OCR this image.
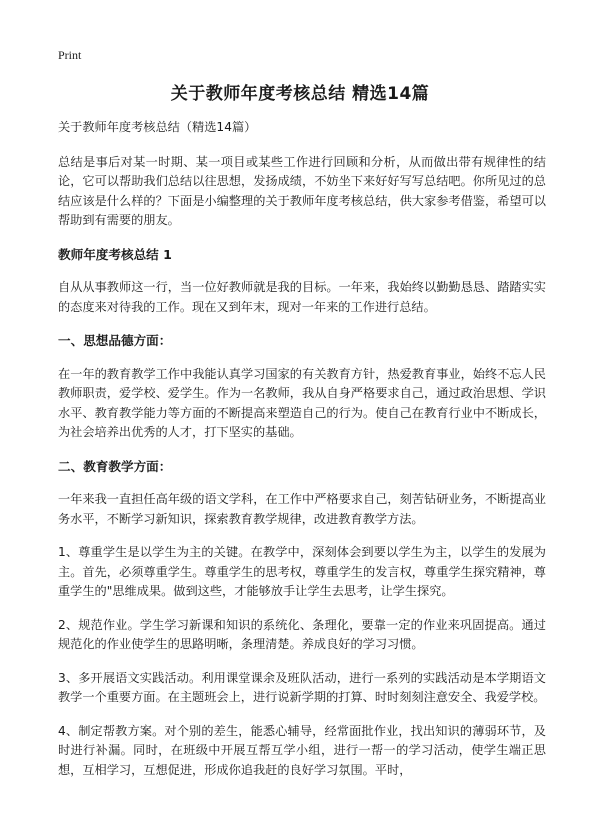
Print
关于教师年度考核总结 精选14篇

关于教师年度考核总结（精选14篇）

总结是事后对某一时期、某一项目或某些工作进行回顾和分析，从而做出带有规律性的结论，它可以帮助我们总结以往思想，发扬成绩，不妨坐下来好好写写总结吧。你所见过的总结应该是什么样的？下面是小编整理的关于教师年度考核总结，供大家参考借鉴，希望可以帮助到有需要的朋友。

教师年度考核总结 1

自从从事教师这一行，当一位好教师就是我的目标。一年来，我始终以勤勤恳恳、踏踏实实的态度来对待我的工作。现在又到年末，现对一年来的工作进行总结。

一、思想品德方面：

在一年的教育教学工作中我能认真学习国家的有关教育方针，热爱教育事业，始终不忘人民教师职责，爱学校、爱学生。作为一名教师，我从自身严格要求自己，通过政治思想、学识水平、教育教学能力等方面的不断提高来塑造自己的行为。使自己在教育行业中不断成长，为社会培养出优秀的人才，打下坚实的基础。

二、教育教学方面：

一年来我一直担任高年级的语文学科，在工作中严格要求自己，刻苦钻研业务，不断提高业务水平，不断学习新知识，探索教育教学规律，改进教育教学方法。

1、尊重学生是以学生为主的关键。在教学中，深刻体会到要以学生为主，以学生的发展为主。首先，必须尊重学生。尊重学生的思考权，尊重学生的发言权，尊重学生探究精神，尊重学生的"思维成果。做到这些，才能够放手让学生去思考，让学生探究。

2、规范作业。学生学习新课和知识的系统化、条理化，要靠一定的作业来巩固提高。通过规范化的作业使学生的思路明晰，条理清楚。养成良好的学习习惯。

3、多开展语文实践活动。利用课堂课余及班队活动，进行一系列的实践活动是本学期语文教学一个重要方面。在主题班会上，进行说新学期的打算、时时刻刻注意安全、我爱学校。

4、制定帮教方案。对个别的差生，能悉心辅导，经常面批作业，找出知识的薄弱环节，及时进行补漏。同时，在班级中开展互帮互学小组，进行一帮一的学习活动，使学生端正思想，互相学习，互想促进，形成你追我赶的良好学习氛围。平时，
